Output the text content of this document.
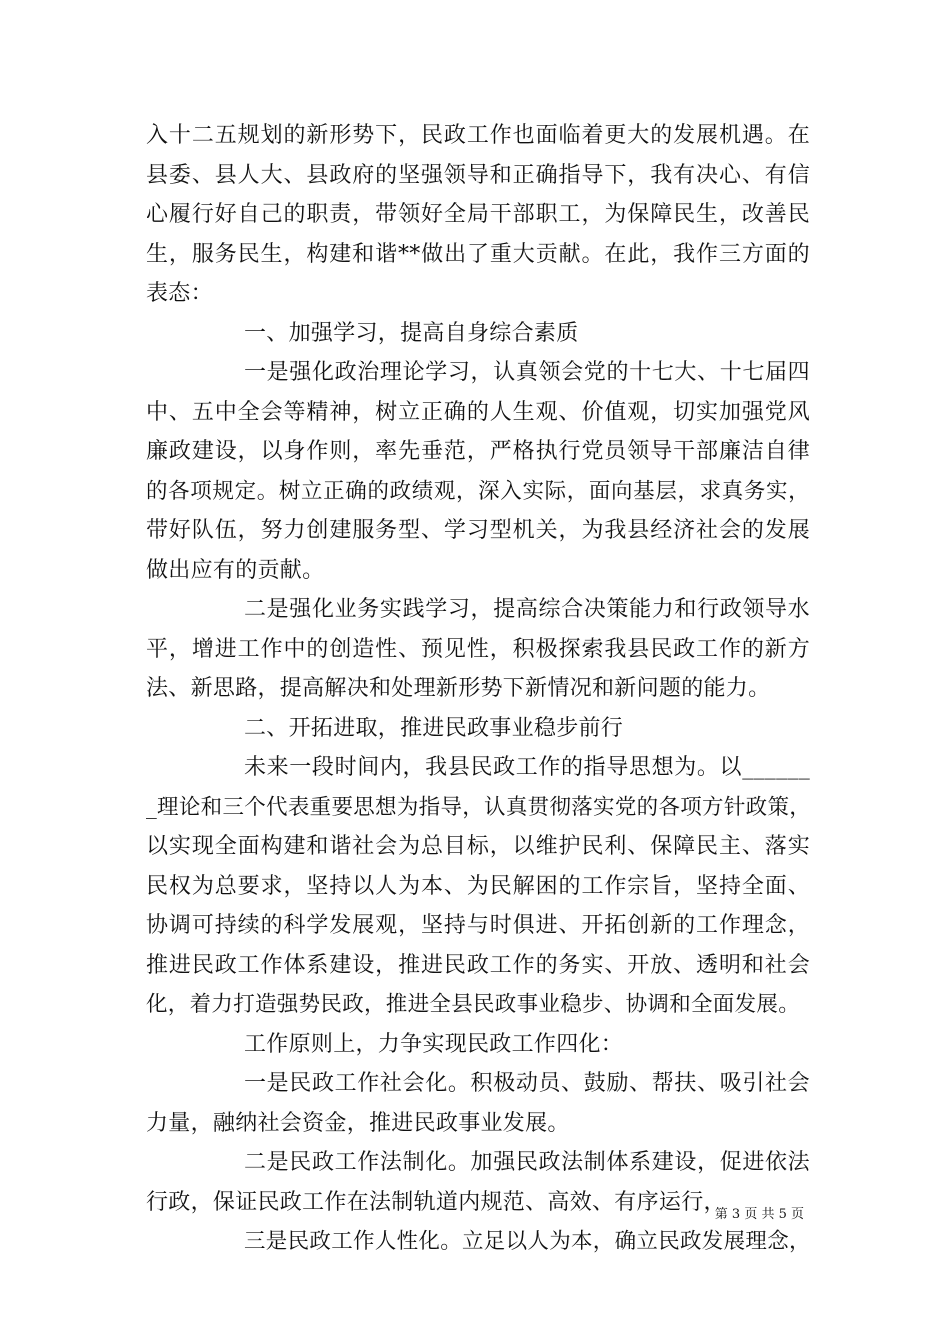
入十二五规划的新形势下，民政工作也面临着更大的发展机遇。在
县委、县人大、县政府的坚强领导和正确指导下，我有决心、有信
心履行好自己的职责，带领好全局干部职工，为保障民生，改善民
生，服务民生，构建和谐**做出了重大贡献。在此，我作三方面的
表态：
一、加强学习，提高自身综合素质
一是强化政治理论学习，认真领会党的十七大、十七届四
中、五中全会等精神，树立正确的人生观、价值观，切实加强党风
廉政建设，以身作则，率先垂范，严格执行党员领导干部廉洁自律
的各项规定。树立正确的政绩观，深入实际，面向基层，求真务实，
带好队伍，努力创建服务型、学习型机关，为我县经济社会的发展
做出应有的贡献。
二是强化业务实践学习，提高综合决策能力和行政领导水
平，增进工作中的创造性、预见性，积极探索我县民政工作的新方
法、新思路，提高解决和处理新形势下新情况和新问题的能力。
二、开拓进取，推进民政事业稳步前行
未来一段时间内，我县民政工作的指导思想为。以______
_理论和三个代表重要思想为指导，认真贯彻落实党的各项方针政策，
以实现全面构建和谐社会为总目标，以维护民利、保障民主、落实
民权为总要求，坚持以人为本、为民解困的工作宗旨，坚持全面、
协调可持续的科学发展观，坚持与时俱进、开拓创新的工作理念，
推进民政工作体系建设，推进民政工作的务实、开放、透明和社会
化，着力打造强势民政，推进全县民政事业稳步、协调和全面发展。
工作原则上，力争实现民政工作四化：
一是民政工作社会化。积极动员、鼓励、帮扶、吸引社会
力量，融纳社会资金，推进民政事业发展。
二是民政工作法制化。加强民政法制体系建设，促进依法
行政，保证民政工作在法制轨道内规范、高效、有序运行，
三是民政工作人性化。立足以人为本，确立民政发展理念，
第 3 页 共 5 页
